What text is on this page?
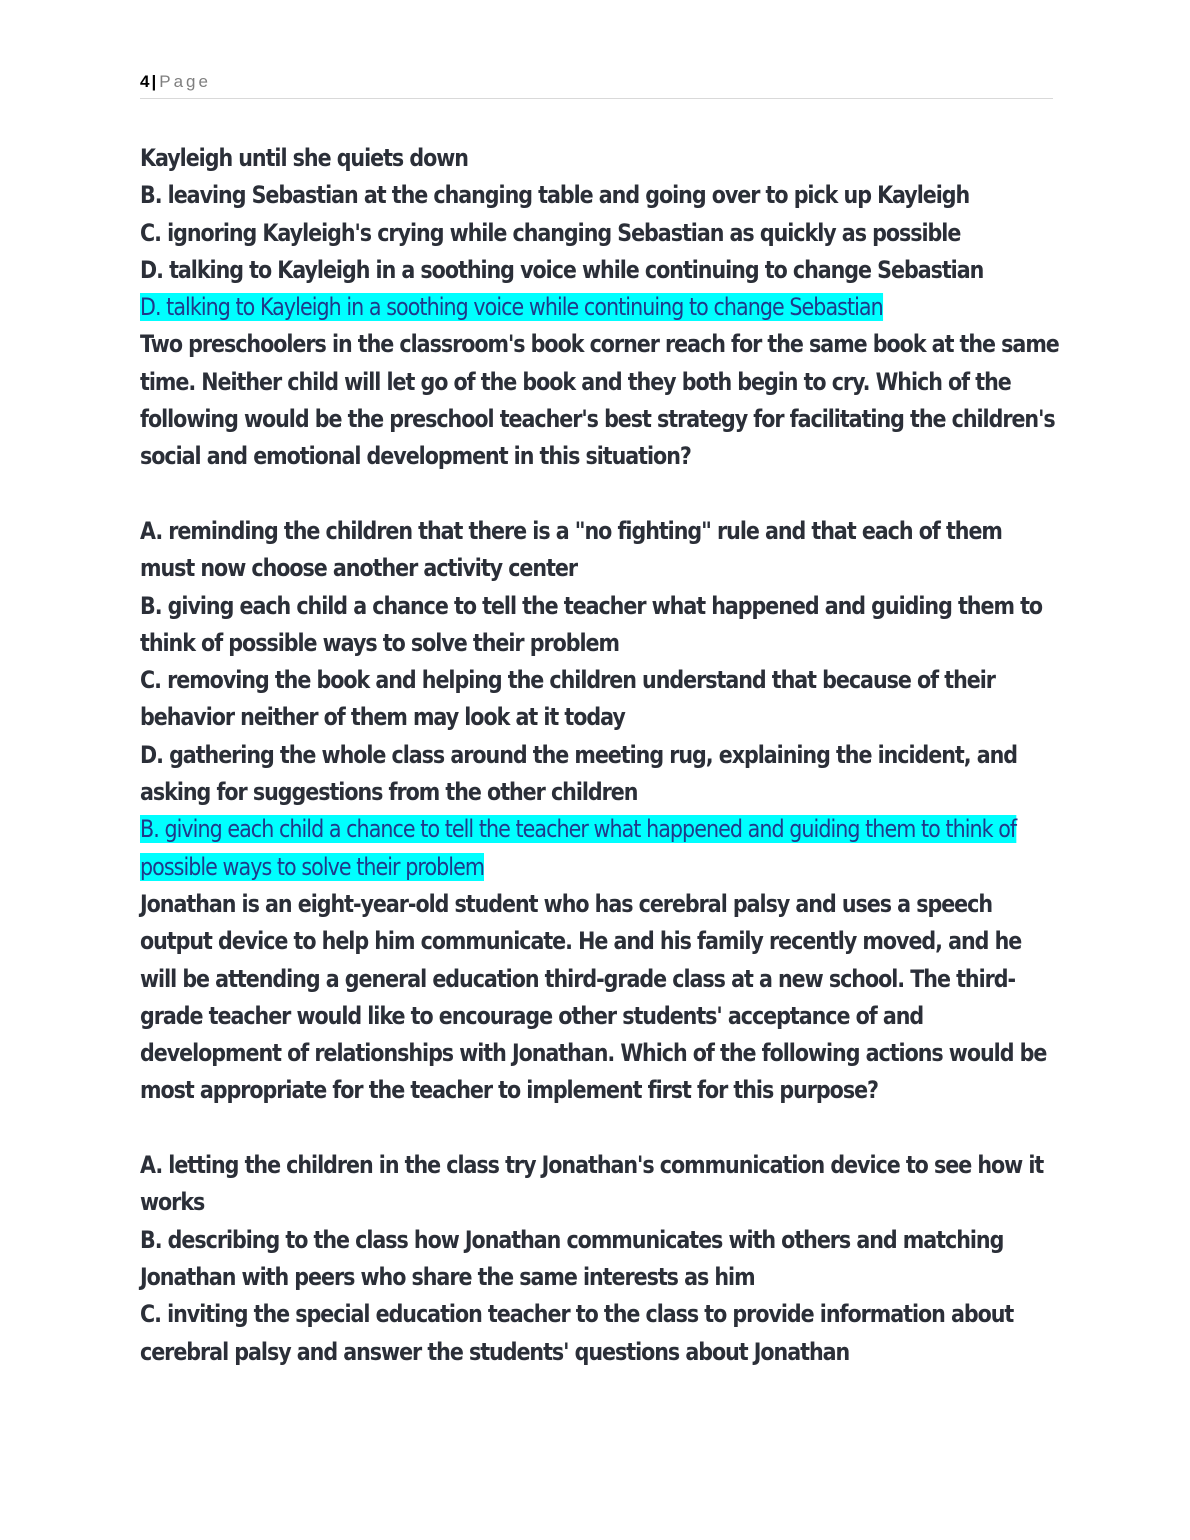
4 | Page

Kayleigh until she quiets down

B. leaving Sebastian at the changing table and going over to pick up Kayleigh

C. ignoring Kayleigh's crying while changing Sebastian as quickly as possible

D. talking to Kayleigh in a soothing voice while continuing to change Sebastian

D. talking to Kayleigh in a soothing voice while continuing to change Sebastian

Two preschoolers in the classroom's book corner reach for the same book at the same time. Neither child will let go of the book and they both begin to cry. Which of the following would be the preschool teacher's best strategy for facilitating the children's social and emotional development in this situation?

A. reminding the children that there is a "no fighting" rule and that each of them must now choose another activity center

B. giving each child a chance to tell the teacher what happened and guiding them to think of possible ways to solve their problem

C. removing the book and helping the children understand that because of their behavior neither of them may look at it today

D. gathering the whole class around the meeting rug, explaining the incident, and asking for suggestions from the other children

B. giving each child a chance to tell the teacher what happened and guiding them to think of possible ways to solve their problem

Jonathan is an eight-year-old student who has cerebral palsy and uses a speech output device to help him communicate. He and his family recently moved, and he will be attending a general education third-grade class at a new school. The third-grade teacher would like to encourage other students' acceptance of and development of relationships with Jonathan. Which of the following actions would be most appropriate for the teacher to implement first for this purpose?

A. letting the children in the class try Jonathan's communication device to see how it works

B. describing to the class how Jonathan communicates with others and matching Jonathan with peers who share the same interests as him

C. inviting the special education teacher to the class to provide information about cerebral palsy and answer the students' questions about Jonathan
